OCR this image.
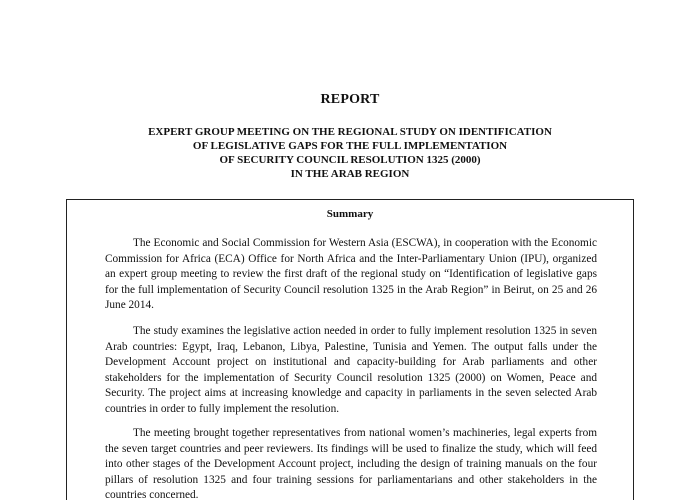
REPORT
EXPERT GROUP MEETING ON THE REGIONAL STUDY ON IDENTIFICATION
OF LEGISLATIVE GAPS FOR THE FULL IMPLEMENTATION
OF SECURITY COUNCIL RESOLUTION 1325 (2000)
IN THE ARAB REGION
Summary

The Economic and Social Commission for Western Asia (ESCWA), in cooperation with the Economic Commission for Africa (ECA) Office for North Africa and the Inter-Parliamentary Union (IPU), organized an expert group meeting to review the first draft of the regional study on “Identification of legislative gaps for the full implementation of Security Council resolution 1325 in the Arab Region” in Beirut, on 25 and 26 June 2014.

The study examines the legislative action needed in order to fully implement resolution 1325 in seven Arab countries: Egypt, Iraq, Lebanon, Libya, Palestine, Tunisia and Yemen. The output falls under the Development Account project on institutional and capacity-building for Arab parliaments and other stakeholders for the implementation of Security Council resolution 1325 (2000) on Women, Peace and Security. The project aims at increasing knowledge and capacity in parliaments in the seven selected Arab countries in order to fully implement the resolution.

The meeting brought together representatives from national women’s machineries, legal experts from the seven target countries and peer reviewers. Its findings will be used to finalize the study, which will feed into other stages of the Development Account project, including the design of training manuals on the four pillars of resolution 1325 and four training sessions for parliamentarians and other stakeholders in the countries concerned.
